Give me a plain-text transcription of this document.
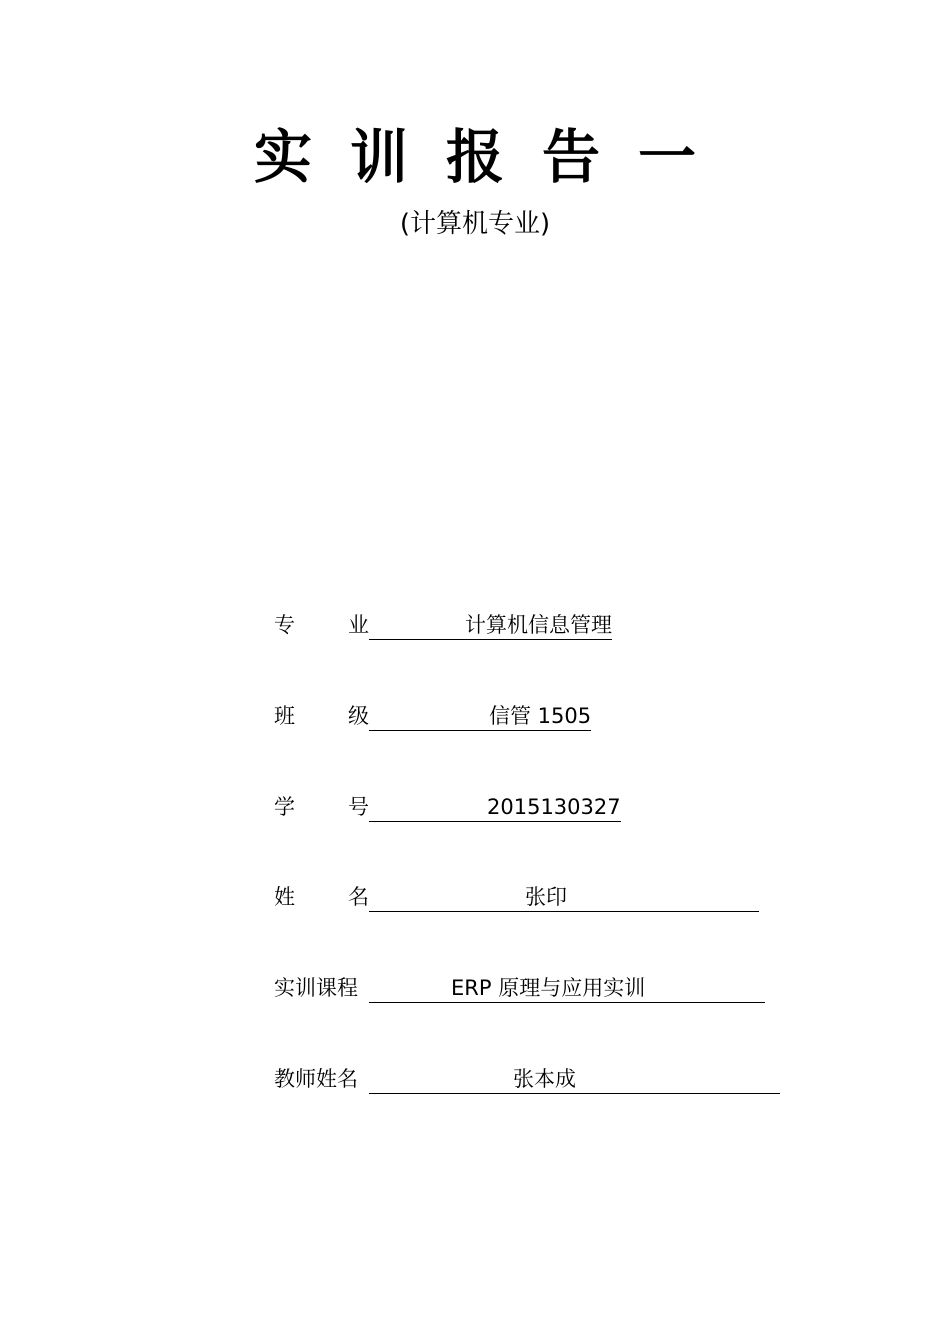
实训报告一
(计算机专业)
专	业	计算机信息管理
班	级	信管 1505
学	号	2015130327
姓	名	张印
实训课程	ERP 原理与应用实训
教师姓名	张本成
